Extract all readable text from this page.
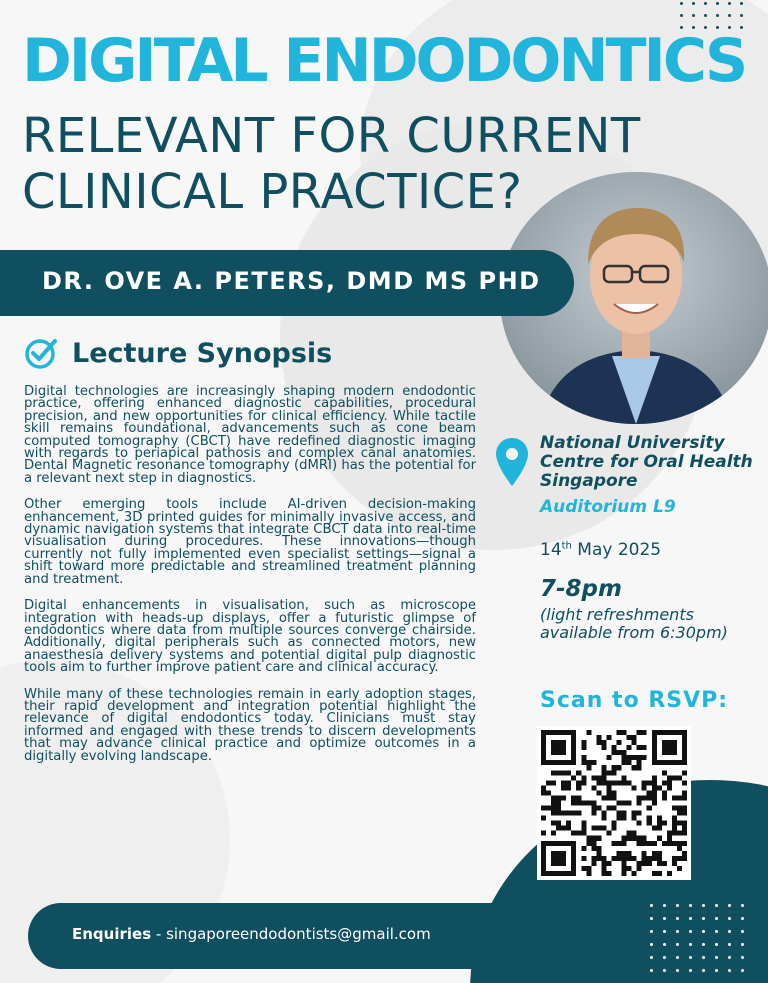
DIGITAL ENDODONTICS
RELEVANT FOR CURRENT
CLINICAL PRACTICE?
DR. OVE A. PETERS, DMD MS PHD
Lecture Synopsis

Digital technologies are increasingly shaping modern endodontic practice, offering enhanced diagnostic capabilities, procedural precision, and new opportunities for clinical efficiency. While tactile skill remains foundational, advancements such as cone beam computed tomography (CBCT) have redefined diagnostic imaging with regards to periapical pathosis and complex canal anatomies. Dental Magnetic resonance tomography (dMRI) has the potential for a relevant next step in diagnostics.

Other emerging tools include AI-driven decision-making enhancement, 3D printed guides for minimally invasive access, and dynamic navigation systems that integrate CBCT data into real-time visualisation during procedures. These innovations—though currently not fully implemented even specialist settings—signal a shift toward more predictable and streamlined treatment planning and treatment.

Digital enhancements in visualisation, such as microscope integration with heads-up displays, offer a futuristic glimpse of endodontics where data from multiple sources converge chairside. Additionally, digital peripherals such as connected motors, new anaesthesia delivery systems and potential digital pulp diagnostic tools aim to further improve patient care and clinical accuracy.

While many of these technologies remain in early adoption stages, their rapid development and integration potential highlight the relevance of digital endodontics today. Clinicians must stay informed and engaged with these trends to discern developments that may advance clinical practice and optimize outcomes in a digitally evolving landscape.

National University Centre for Oral Health Singapore
Auditorium L9
14th May 2025
7-8pm
(light refreshments available from 6:30pm)
Scan to RSVP:
Enquiries - singaporeendodontists@gmail.com
